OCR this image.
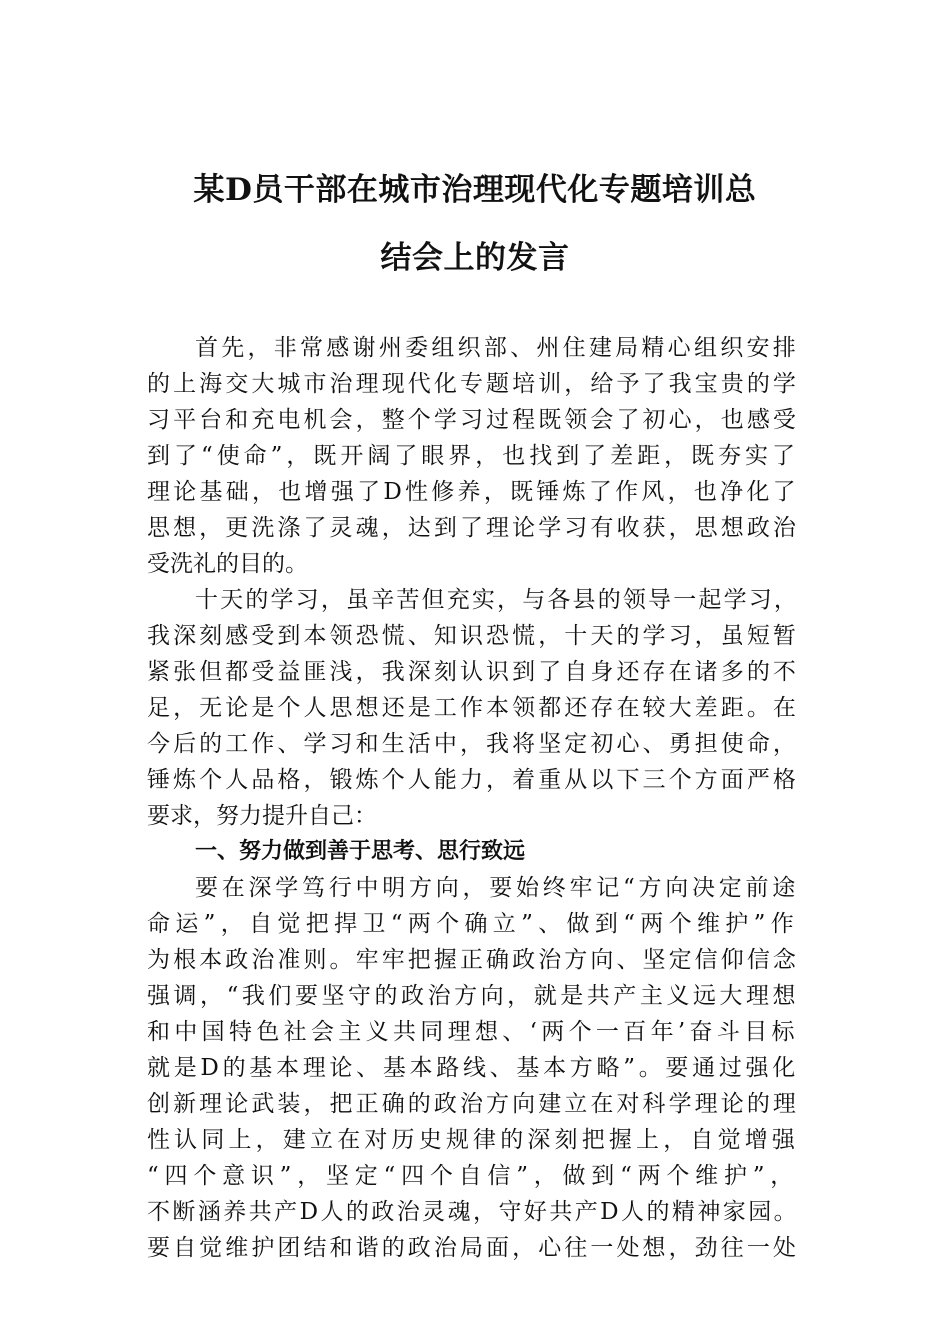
某D员干部在城市治理现代化专题培训总
结会上的发言
首先，非常感谢州委组织部、州住建局精心组织安排
的上海交大城市治理现代化专题培训，给予了我宝贵的学
习平台和充电机会，整个学习过程既领会了初心，也感受
到了“使命”，既开阔了眼界，也找到了差距，既夯实了
理论基础，也增强了D性修养，既锤炼了作风，也净化了
思想，更洗涤了灵魂，达到了理论学习有收获，思想政治
受洗礼的目的。
十天的学习，虽辛苦但充实，与各县的领导一起学习，
我深刻感受到本领恐慌、知识恐慌，十天的学习，虽短暂
紧张但都受益匪浅，我深刻认识到了自身还存在诸多的不
足，无论是个人思想还是工作本领都还存在较大差距。在
今后的工作、学习和生活中，我将坚定初心、勇担使命，
锤炼个人品格，锻炼个人能力，着重从以下三个方面严格
要求，努力提升自己：
一、努力做到善于思考、思行致远
要在深学笃行中明方向，要始终牢记“方向决定前途
命运”，自觉把捍卫“两个确立”、做到“两个维护”作
为根本政治准则。牢牢把握正确政治方向、坚定信仰信念
强调，“我们要坚守的政治方向，就是共产主义远大理想
和中国特色社会主义共同理想、‘两个一百年’奋斗目标
就是D的基本理论、基本路线、基本方略”。要通过强化
创新理论武装，把正确的政治方向建立在对科学理论的理
性认同上，建立在对历史规律的深刻把握上，自觉增强
“四个意识”，坚定“四个自信”，做到“两个维护”，
不断涵养共产D人的政治灵魂，守好共产D人的精神家园。
要自觉维护团结和谐的政治局面，心往一处想，劲往一处
